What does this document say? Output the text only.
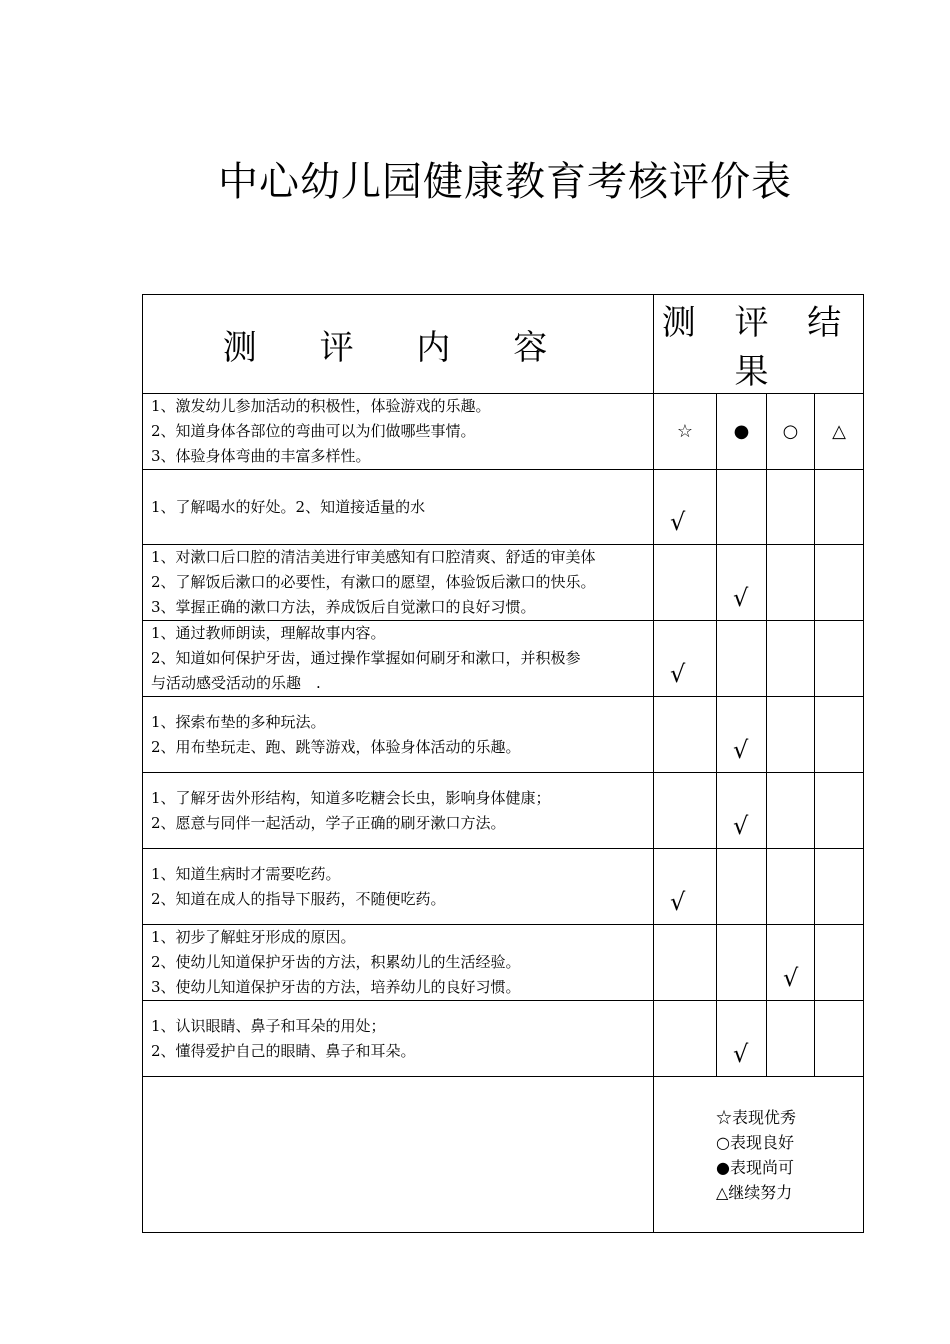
中心幼儿园健康教育考核评价表
测 评 内 容	测 评 结 果			

1、激发幼儿参加活动的积极性，体验游戏的乐趣。
2、知道身体各部位的弯曲可以为们做哪些事情。
3、体验身体弯曲的丰富多样性。	☆	●	○	△

1、了解喝水的好处。2、知道接适量的水	√			

1、对漱口后口腔的清洁美进行审美感知有口腔清爽、舒适的审美体
2、了解饭后漱口的必要性，有漱口的愿望，体验饭后漱口的快乐。
3、掌握正确的漱口方法，养成饭后自觉漱口的良好习惯。		√		

1、通过教师朗读，理解故事内容。
2、知道如何保护牙齿，通过操作掌握如何刷牙和漱口，并积极参
与活动感受活动的乐趣　.	√			

1、探索布垫的多种玩法。
2、用布垫玩走、跑、跳等游戏，体验身体活动的乐趣。		√		

1、了解牙齿外形结构，知道多吃糖会长虫，影响身体健康；
2、愿意与同伴一起活动，学子正确的刷牙漱口方法。		√		

1、知道生病时才需要吃药。
2、知道在成人的指导下服药，不随便吃药。	√			

1、初步了解蛀牙形成的原因。
2、使幼儿知道保护牙齿的方法，积累幼儿的生活经验。
3、使幼儿知道保护牙齿的方法，培养幼儿的良好习惯。			√	

1、认识眼睛、鼻子和耳朵的用处；
2、懂得爱护自己的眼睛、鼻子和耳朵。		√		

	☆表现优秀
○表现良好
●表现尚可
△继续努力			
